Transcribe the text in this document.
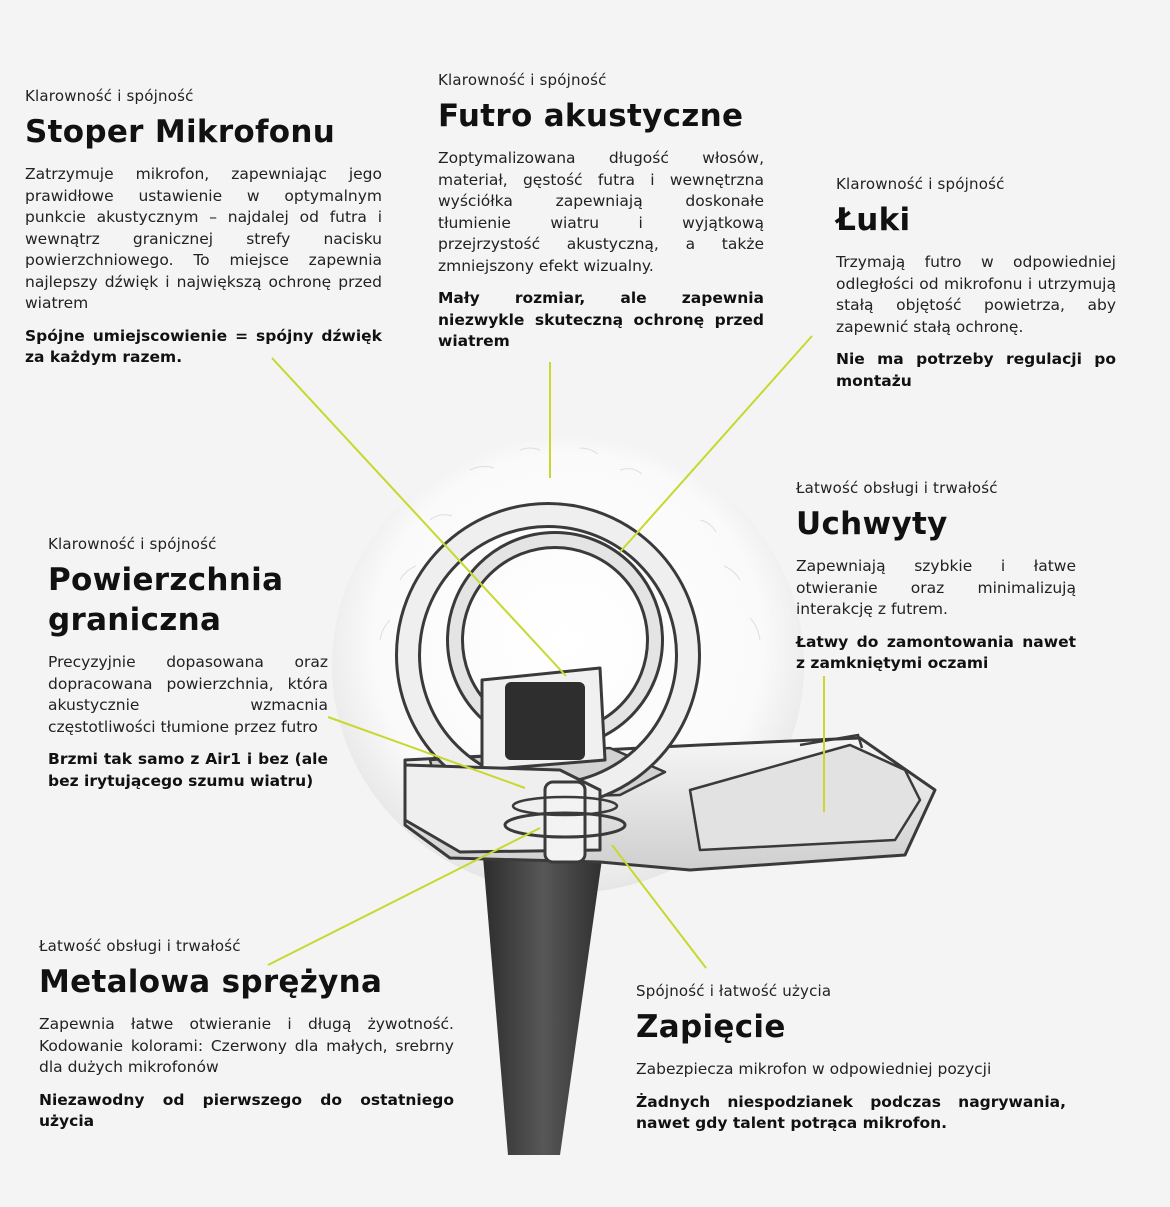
Klarowność i spójność
Stoper Mikrofonu
Zatrzymuje mikrofon, zapewniając jego prawidłowe ustawienie w optymalnym punkcie akustycznym – najdalej od futra i wewnątrz granicznej strefy nacisku powierzchniowego. To miejsce zapewnia najlepszy dźwięk i największą ochronę przed wiatrem
Spójne umiejscowienie = spójny dźwięk za każdym razem.
Klarowność i spójność
Futro akustyczne
Zoptymalizowana długość włosów, materiał, gęstość futra i wewnętrzna wyściółka zapewniają doskonałe tłumienie wiatru i wyjątkową przejrzystość akustyczną, a także zmniejszony efekt wizualny.
Mały rozmiar, ale zapewnia niezwykle skuteczną ochronę przed wiatrem
Klarowność i spójność
Łuki
Trzymają futro w odpowiedniej odległości od mikrofonu i utrzymują stałą objętość powietrza, aby zapewnić stałą ochronę.
Nie ma potrzeby regulacji po montażu
Łatwość obsługi i trwałość
Uchwyty
Zapewniają szybkie i łatwe otwieranie oraz minimalizują interakcję z futrem.
Łatwy do zamontowania nawet z zamkniętymi oczami
Klarowność i spójność
Powierzchnia graniczna
Precyzyjnie dopasowana oraz dopracowana powierzchnia, która akustycznie wzmacnia częstotliwości tłumione przez futro
Brzmi tak samo z Air1 i bez (ale bez irytującego szumu wiatru)
Łatwość obsługi i trwałość
Metalowa sprężyna
Zapewnia łatwe otwieranie i długą żywotność. Kodowanie kolorami: Czerwony dla małych, srebrny dla dużych mikrofonów
Niezawodny od pierwszego do ostatniego użycia
Spójność i łatwość użycia
Zapięcie
Zabezpiecza mikrofon w odpowiedniej pozycji
Żadnych niespodzianek podczas nagrywania, nawet gdy talent potrąca mikrofon.
